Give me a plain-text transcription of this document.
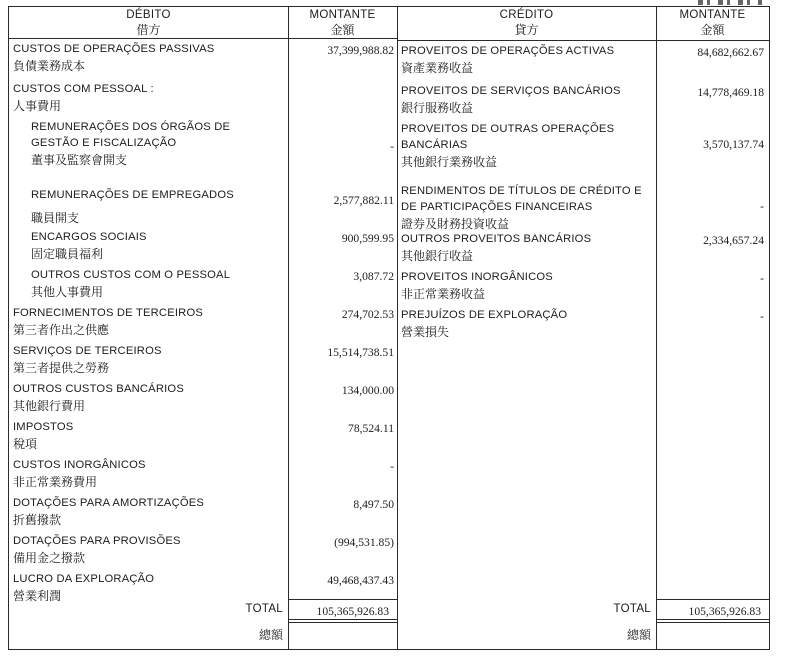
DÉBITO
借方
MONTANTE
金額
CUSTOS DE OPERAÇÕES PASSIVAS
負債業務成本
37,399,988.82
CUSTOS COM PESSOAL :
人事費用
REMUNERAÇÕES DOS ÓRGÃOS DE GESTÃO E FISCALIZAÇÃO
董事及監察會開支
-
REMUNERAÇÕES DE EMPREGADOS
職員開支
2,577,882.11
ENCARGOS SOCIAIS
固定職員福利
900,599.95
OUTROS CUSTOS COM O PESSOAL
其他人事費用
3,087.72
FORNECIMENTOS DE TERCEIROS
第三者作出之供應
274,702.53
SERVIÇOS DE TERCEIROS
第三者提供之勞務
15,514,738.51
OUTROS CUSTOS BANCÁRIOS
其他銀行費用
134,000.00
IMPOSTOS
稅項
78,524.11
CUSTOS INORGÂNICOS
非正常業務費用
-
DOTAÇÕES PARA AMORTIZAÇÕES
折舊撥款
8,497.50
DOTAÇÕES PARA PROVISÕES
備用金之撥款
(994,531.85)
LUCRO DA EXPLORAÇÃO
營業利潤
49,468,437.43
TOTAL	105,365,926.83
總額
CRÉDITO
貸方
MONTANTE
金額
PROVEITOS DE OPERAÇÕES ACTIVAS
資產業務收益
84,682,662.67
PROVEITOS DE SERVIÇOS BANCÁRIOS
銀行服務收益
14,778,469.18
PROVEITOS DE OUTRAS OPERAÇÕES BANCÁRIAS
其他銀行業務收益
3,570,137.74
RENDIMENTOS DE TÍTULOS DE CRÉDITO E DE PARTICIPAÇÕES FINANCEIRAS
證券及財務投資收益
-
OUTROS PROVEITOS BANCÁRIOS
其他銀行收益
2,334,657.24
PROVEITOS INORGÂNICOS
非正常業務收益
-
PREJUÍZOS DE EXPLORAÇÃO
營業損失
-
TOTAL	105,365,926.83
總額
